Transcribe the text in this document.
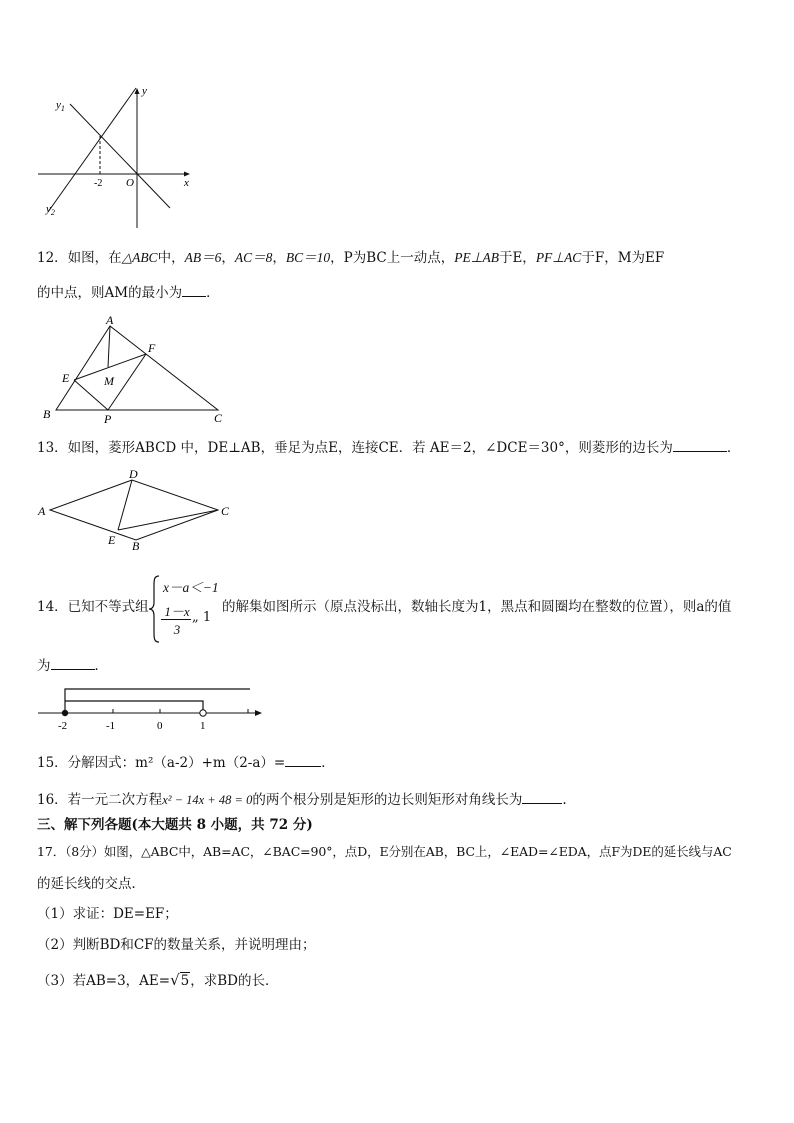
$y_1$
$y_2$
y
x
O
-2
12．如图，在△ABC中，AB＝6，AC＝8，BC＝10，P为BC上一动点，PE⊥AB于E，PF⊥AC于F，M为EF
的中点，则AM的最小为 ．
A
B	C
E
F
M
P
13．如图，菱形ABCD 中，DE⊥AB，垂足为点E，连接CE．若 AE＝2，∠DCE＝30°，则菱形的边长为	．
A
D
C
E B
14．已知不等式组
x－a＜−1
1－x
3
„ 1
的解集如图所示（原点没标出，数轴长度为1，黑点和圆圈均在整数的位置），则a的值
为	．
-2	-1	0	1
15．分解因式：m²（a-2）+m（2-a）=	．
16．若一元二次方程x² − 14x + 48 = 0的两个根分别是矩形的边长则矩形对角线长为	.
三、解下列各题(本大题共 8 小题，共 72 分)
17．（8分）如图，△ABC中，AB=AC，∠BAC=90°，点D，E分别在AB，BC上，∠EAD=∠EDA，点F为DE的延长线与AC
的延长线的交点．
（1）求证：DE=EF；
（2）判断BD和CF的数量关系，并说明理由；
（3）若AB=3，AE=√5，求BD的长．
